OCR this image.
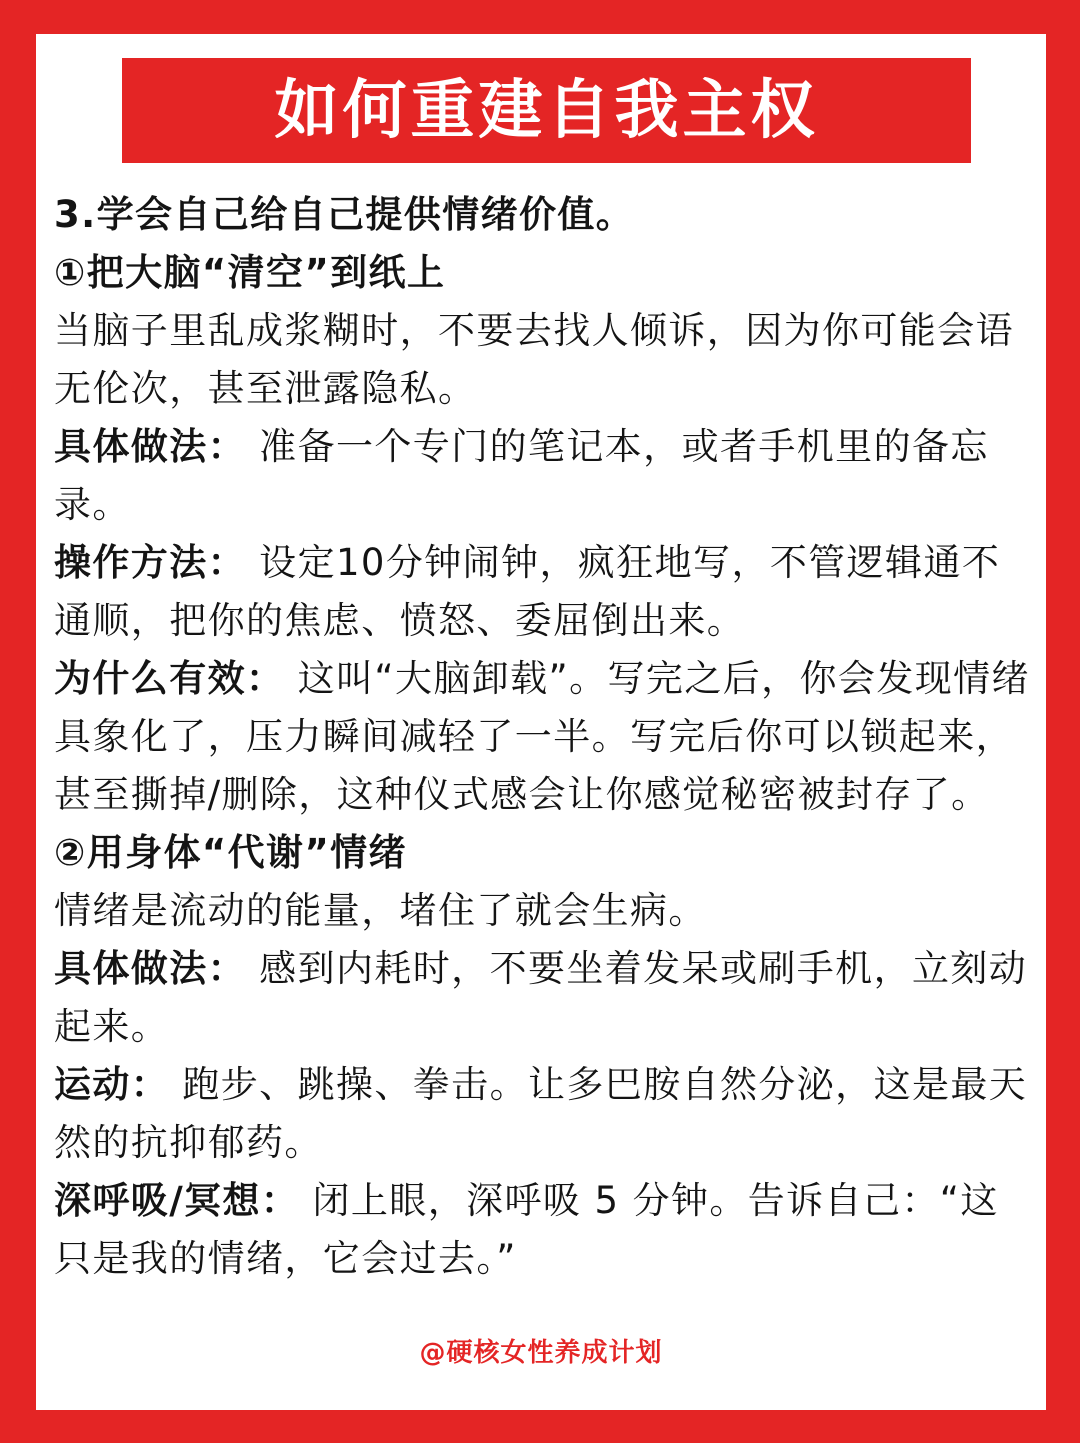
如何重建自我主权

3.学会自己给自己提供情绪价值。

①把大脑“清空”到纸上

当脑子里乱成浆糊时，不要去找人倾诉，因为你可能会语无伦次，甚至泄露隐私。

具体做法： 准备一个专门的笔记本，或者手机里的备忘录。

操作方法： 设定10分钟闹钟，疯狂地写，不管逻辑通不通顺，把你的焦虑、愤怒、委屈倒出来。

为什么有效： 这叫“大脑卸载”。写完之后，你会发现情绪具象化了，压力瞬间减轻了一半。写完后你可以锁起来，甚至撕掉/删除，这种仪式感会让你感觉秘密被封存了。

②用身体“代谢”情绪

情绪是流动的能量，堵住了就会生病。

具体做法： 感到内耗时，不要坐着发呆或刷手机，立刻动起来。

运动： 跑步、跳操、拳击。让多巴胺自然分泌，这是最天然的抗抑郁药。

深呼吸/冥想： 闭上眼，深呼吸 5 分钟。告诉自己：“这只是我的情绪，它会过去。”

@硬核女性养成计划
